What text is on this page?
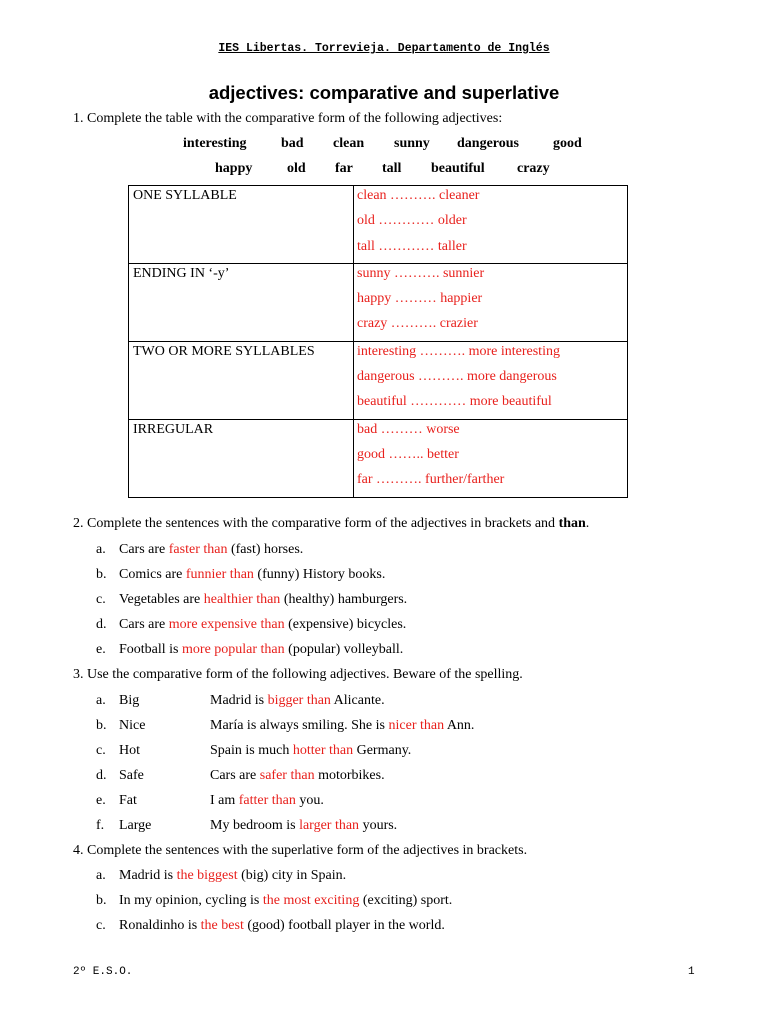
IES Libertas. Torrevieja. Departamento de Inglés
adjectives: comparative and superlative
1. Complete the table with the comparative form of the following adjectives:
interesting bad clean sunny dangerous good
happy old far tall beautiful crazy
ONE SYLLABLE	clean ………. cleaner
old ………… older
tall ………… taller

ENDING IN ‘-y’	sunny ………. sunnier
happy ……… happier
crazy ………. crazier

TWO OR MORE SYLLABLES	interesting ………. more interesting
dangerous ………. more dangerous
beautiful ………… more beautiful

IRREGULAR	bad ……… worse
good …….. better
far ………. further/farther
2. Complete the sentences with the comparative form of the adjectives in brackets and than.
a. Cars are faster than (fast) horses.
b. Comics are funnier than (funny) History books.
c. Vegetables are healthier than (healthy) hamburgers.
d. Cars are more expensive than (expensive) bicycles.
e. Football is more popular than (popular) volleyball.
3. Use the comparative form of the following adjectives. Beware of the spelling.
a. Big	Madrid is bigger than Alicante.
b. Nice	María is always smiling. She is nicer than Ann.
c. Hot	Spain is much hotter than Germany.
d. Safe	Cars are safer than motorbikes.
e. Fat	I am fatter than you.
f. Large	My bedroom is larger than yours.
4. Complete the sentences with the superlative form of the adjectives in brackets.
a. Madrid is the biggest (big) city in Spain.
b. In my opinion, cycling is the most exciting (exciting) sport.
c. Ronaldinho is the best (good) football player in the world.
2º E.S.O.	1
